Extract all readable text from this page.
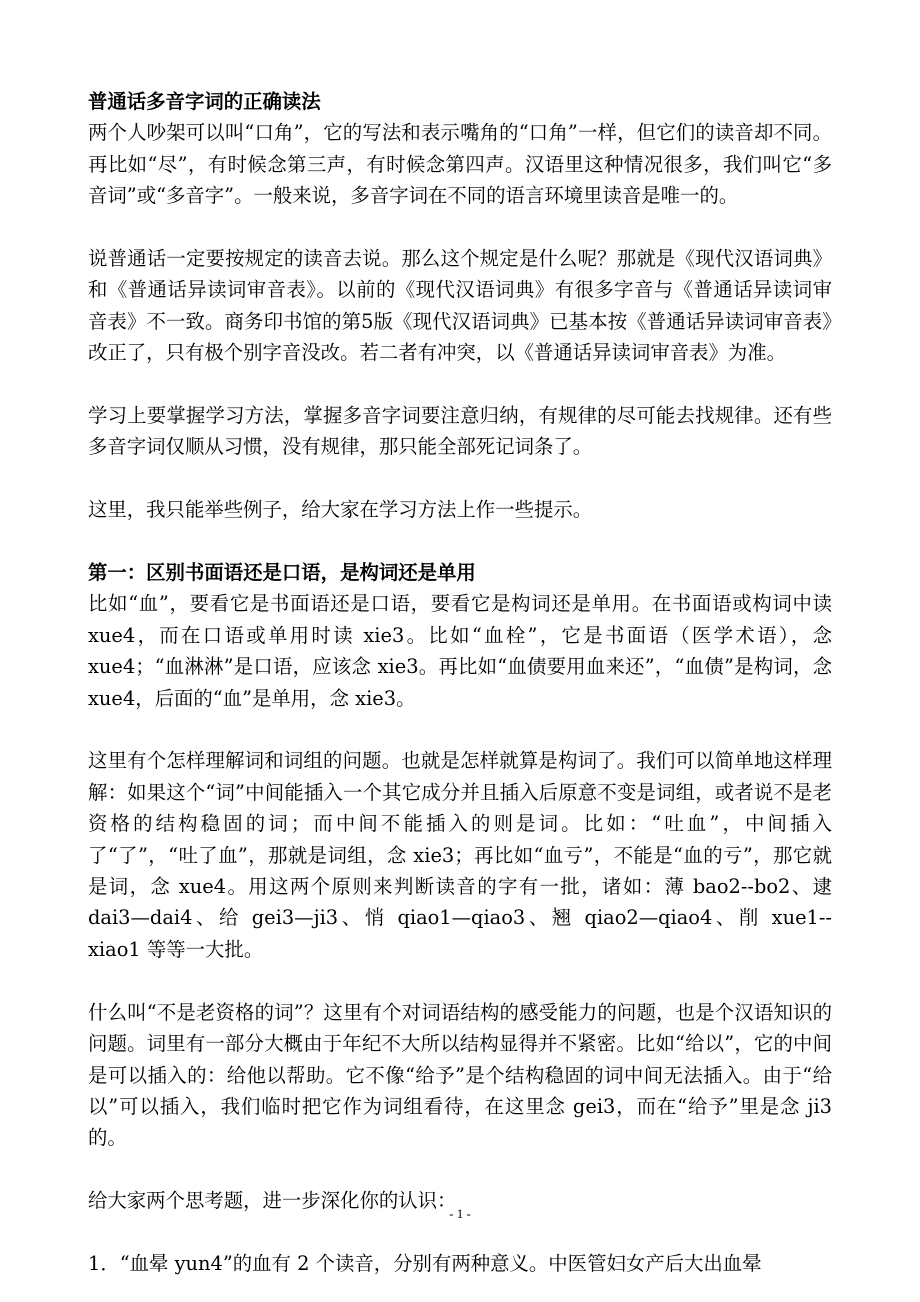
普通话多音字词的正确读法

两个人吵架可以叫“口角”，它的写法和表示嘴角的“口角”一样，但它们的读音却不同。再比如“尽”，有时候念第三声，有时候念第四声。汉语里这种情况很多，我们叫它“多音词”或“多音字”。一般来说，多音字词在不同的语言环境里读音是唯一的。

说普通话一定要按规定的读音去说。那么这个规定是什么呢？那就是《现代汉语词典》和《普通话异读词审音表》。以前的《现代汉语词典》有很多字音与《普通话异读词审音表》不一致。商务印书馆的第5版《现代汉语词典》已基本按《普通话异读词审音表》改正了，只有极个别字音没改。若二者有冲突，以《普通话异读词审音表》为准。

学习上要掌握学习方法，掌握多音字词要注意归纳，有规律的尽可能去找规律。还有些多音字词仅顺从习惯，没有规律，那只能全部死记词条了。

这里，我只能举些例子，给大家在学习方法上作一些提示。

第一：区别书面语还是口语，是构词还是单用

比如“血”，要看它是书面语还是口语，要看它是构词还是单用。在书面语或构词中读 xue4，而在口语或单用时读 xie3。比如“血栓”，它是书面语（医学术语），念 xue4；“血淋淋”是口语，应该念 xie3。再比如“血债要用血来还”，“血债”是构词，念 xue4，后面的“血”是单用，念 xie3。

这里有个怎样理解词和词组的问题。也就是怎样就算是构词了。我们可以简单地这样理解：如果这个“词”中间能插入一个其它成分并且插入后原意不变是词组，或者说不是老资格的结构稳固的词；而中间不能插入的则是词。比如：“吐血”，中间插入了“了”，“吐了血”，那就是词组，念 xie3；再比如“血亏”，不能是“血的亏”，那它就是词，念 xue4。用这两个原则来判断读音的字有一批，诸如：薄 bao2--bo2、逮 dai3—dai4、给 gei3—ji3、悄 qiao1—qiao3、翘 qiao2—qiao4、削 xue1-- xiao1 等等一大批。

什么叫“不是老资格的词”？这里有个对词语结构的感受能力的问题，也是个汉语知识的问题。词里有一部分大概由于年纪不大所以结构显得并不紧密。比如“给以”，它的中间是可以插入的：给他以帮助。它不像“给予”是个结构稳固的词中间无法插入。由于“给以”可以插入，我们临时把它作为词组看待，在这里念 gei3，而在“给予”里是念 ji3 的。

给大家两个思考题，进一步深化你的认识：

1．“血晕 yun4”的血有 2 个读音，分别有两种意义。中医管妇女产后大出血晕

- 1 -
